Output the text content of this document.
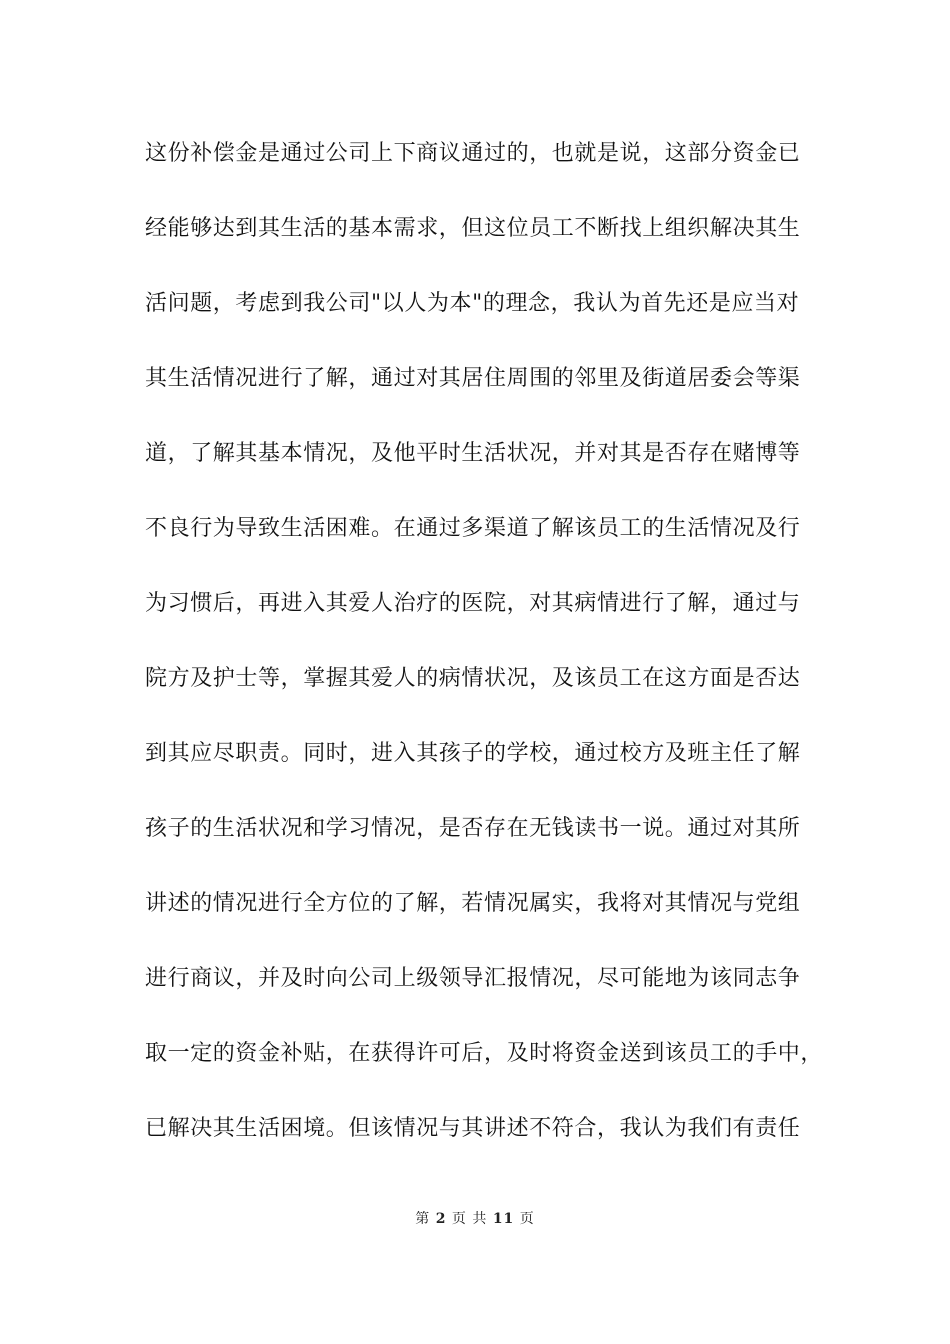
这份补偿金是通过公司上下商议通过的，也就是说，这部分资金已
经能够达到其生活的基本需求，但这位员工不断找上组织解决其生
活问题，考虑到我公司"以人为本"的理念，我认为首先还是应当对
其生活情况进行了解，通过对其居住周围的邻里及街道居委会等渠
道，了解其基本情况，及他平时生活状况，并对其是否存在赌博等
不良行为导致生活困难。在通过多渠道了解该员工的生活情况及行
为习惯后，再进入其爱人治疗的医院，对其病情进行了解，通过与
院方及护士等，掌握其爱人的病情状况，及该员工在这方面是否达
到其应尽职责。同时，进入其孩子的学校，通过校方及班主任了解
孩子的生活状况和学习情况，是否存在无钱读书一说。通过对其所
讲述的情况进行全方位的了解，若情况属实，我将对其情况与党组
进行商议，并及时向公司上级领导汇报情况，尽可能地为该同志争
取一定的资金补贴，在获得许可后，及时将资金送到该员工的手中，
已解决其生活困境。但该情况与其讲述不符合，我认为我们有责任
第 2 页 共 11 页
